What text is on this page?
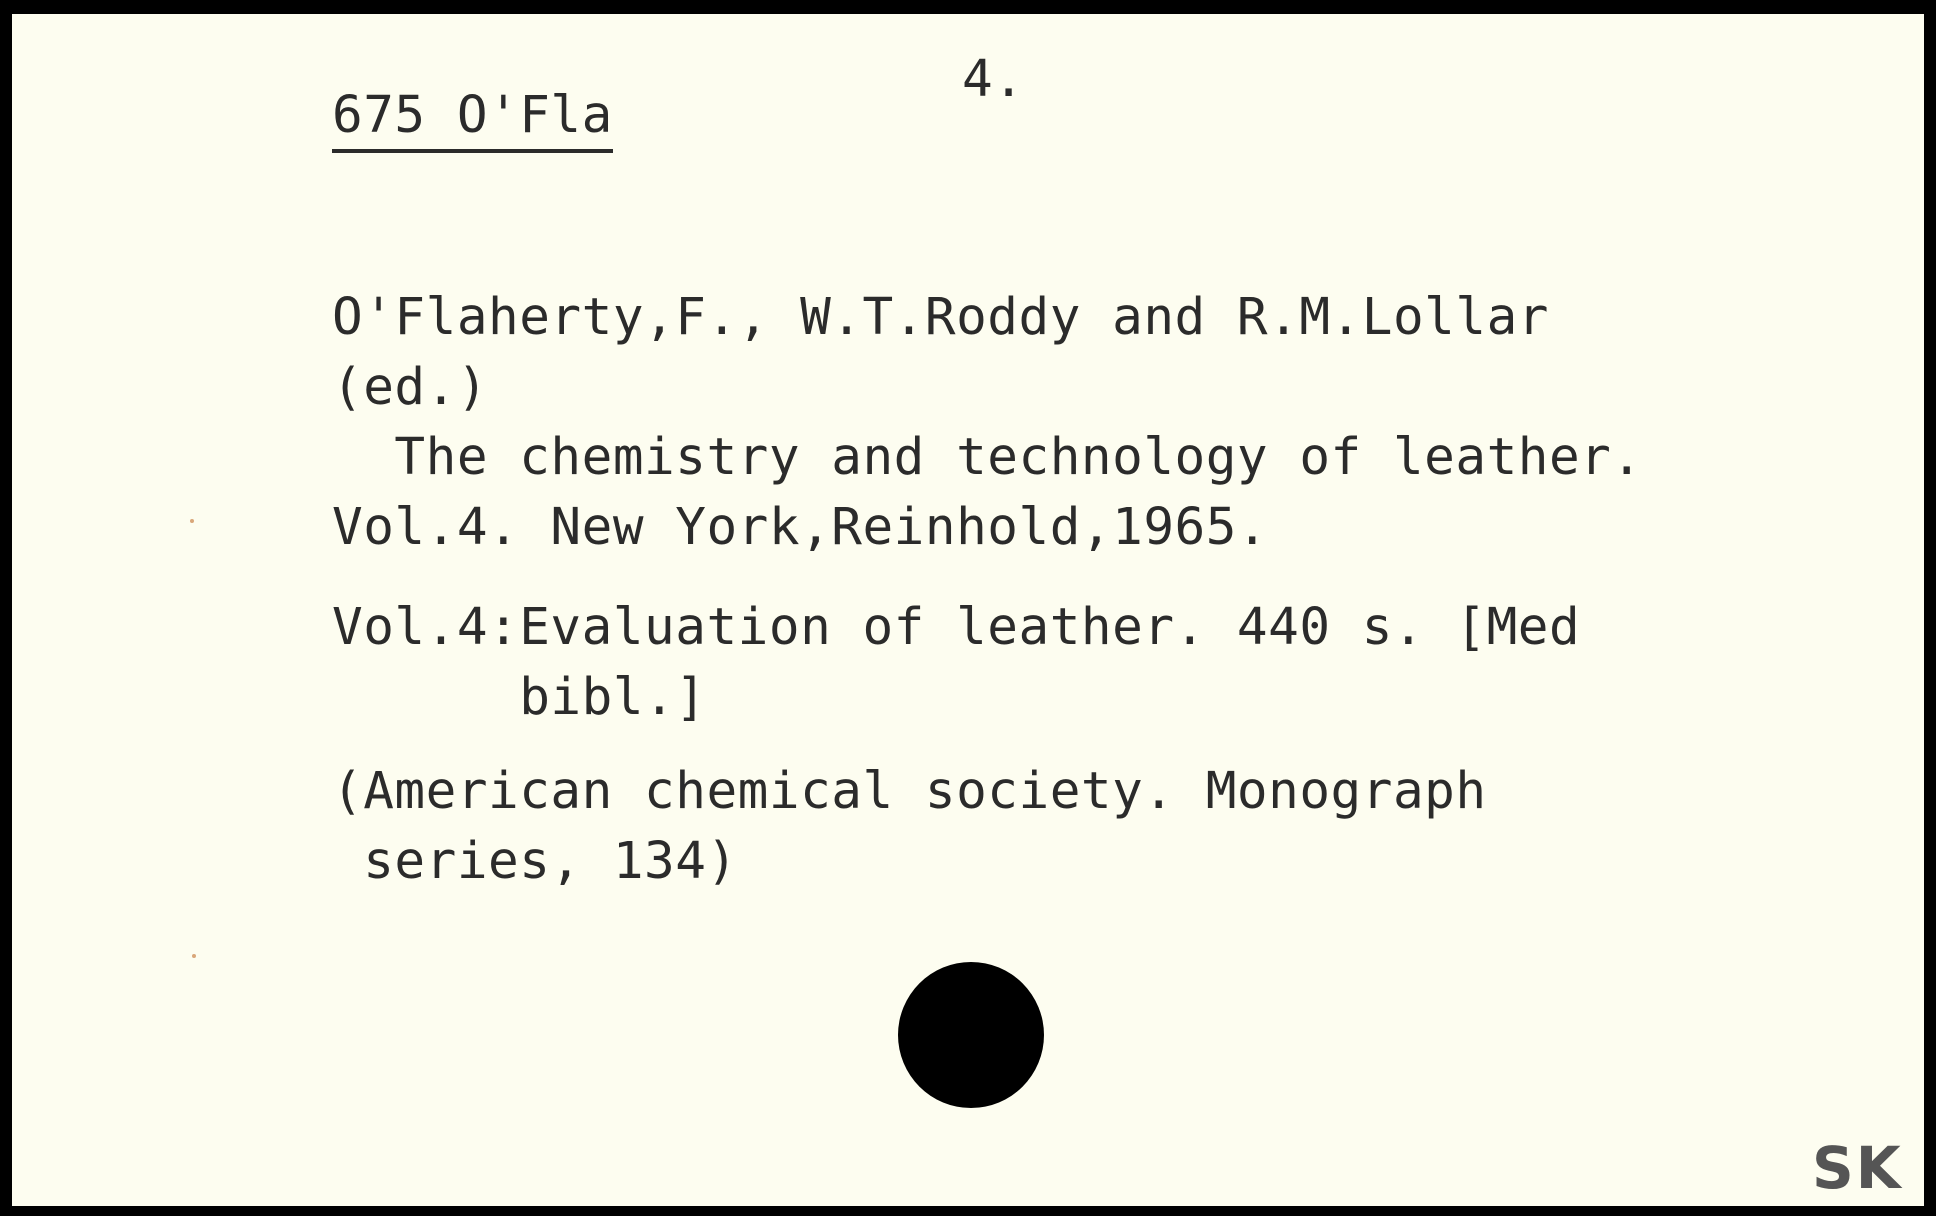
675 O'Fla
4.
O'Flaherty,F., W.T.Roddy and R.M.Lollar
(ed.)
The chemistry and technology of leather.
Vol.4. New York,Reinhold,1965.
Vol.4:Evaluation of leather. 440 s. [Med
bibl.]
(American chemical society. Monograph
series, 134)
SK
